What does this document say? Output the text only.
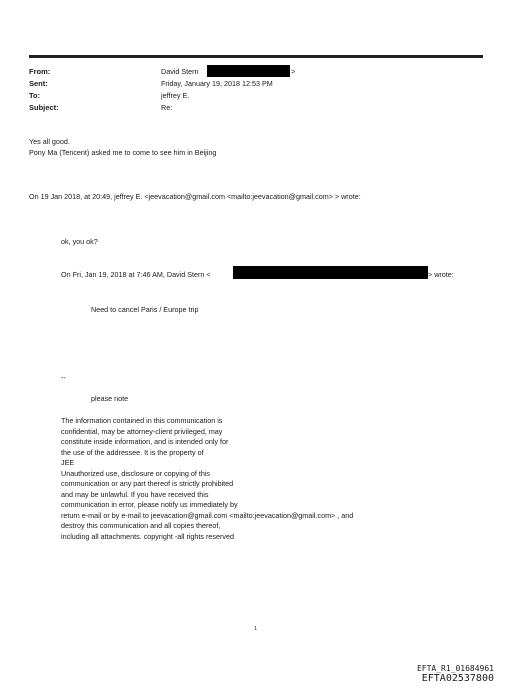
From:	David Stern	>
Sent:	Friday, January 19, 2018 12:53 PM
To:	jeffrey E.
Subject:	Re:
Yes all good.
Pony Ma (Tencent) asked me to come to see him in Beijing
On 19 Jan 2018, at 20:49, jeffrey E. <jeevacation@gmail.com <mailto:jeevacation@gmail.com> > wrote:
ok, you ok?
On Fri, Jan 19, 2018 at 7:46 AM, David Stern <	> wrote:
Need to cancel Paris / Europe trip
--
please note
The information contained in this communication is
confidential, may be attorney-client privileged, may
constitute inside information, and is intended only for
the use of the addressee. It is the property of
JEE
Unauthorized use, disclosure or copying of this
communication or any part thereof is strictly prohibited
and may be unlawful. If you have received this
communication in error, please notify us immediately by
return e-mail or by e-mail to jeevacation@gmail.com <mailto:jeevacation@gmail.com> , and
destroy this communication and all copies thereof,
including all attachments. copyright -all rights reserved
1
EFTA_R1_01684961
EFTA02537800
